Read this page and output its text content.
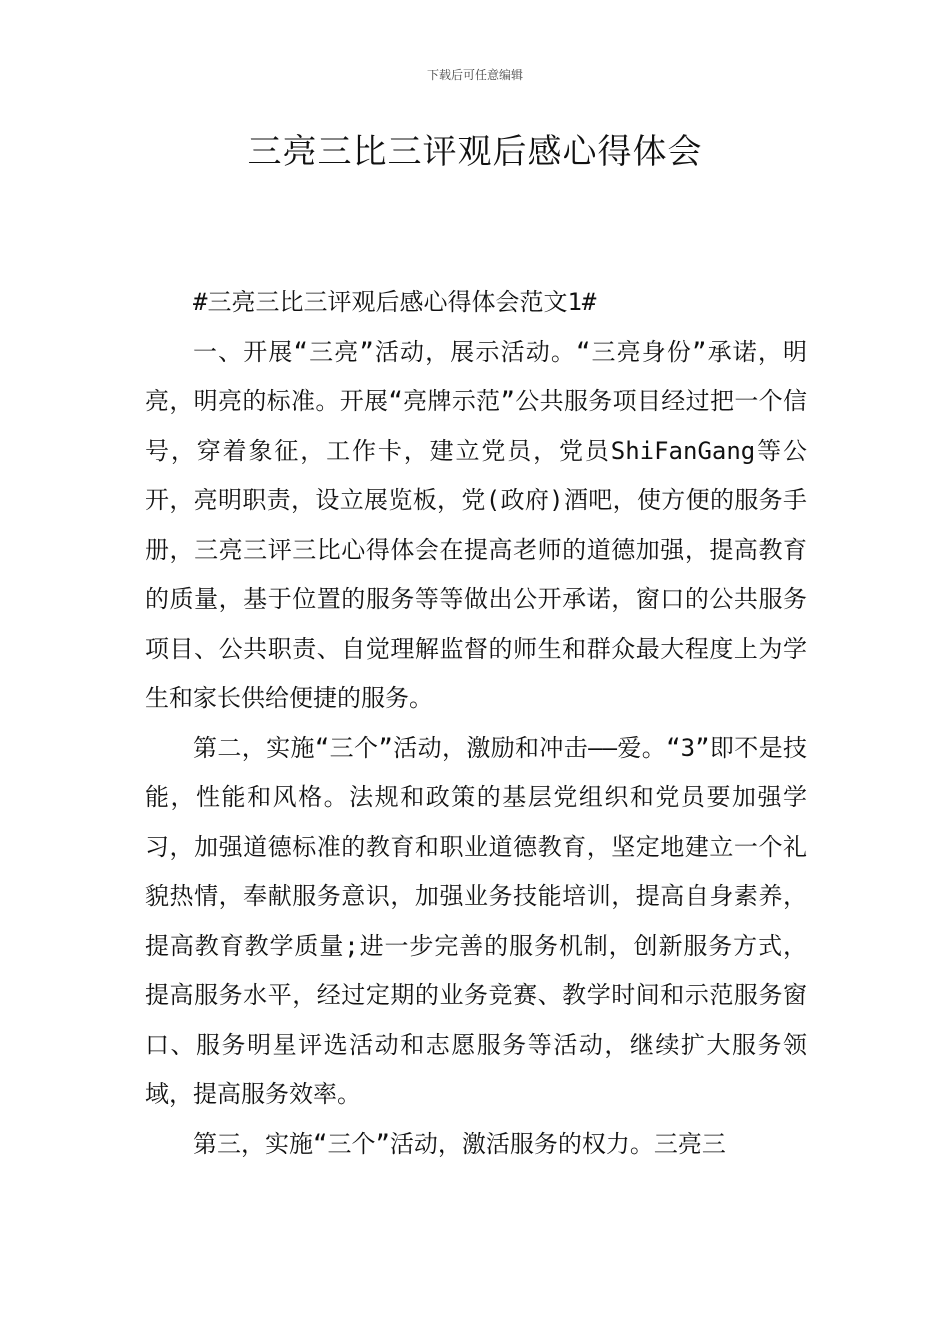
下载后可任意编辑
三亮三比三评观后感心得体会

#三亮三比三评观后感心得体会范文1#

一、开展“三亮”活动，展示活动。“三亮身份”承诺，明亮，明亮的标准。开展“亮牌示范”公共服务项目经过把一个信号，穿着象征，工作卡，建立党员，党员ShiFanGang等公开，亮明职责，设立展览板，党(政府)酒吧，使方便的服务手册，三亮三评三比心得体会在提高老师的道德加强，提高教育的质量，基于位置的服务等等做出公开承诺，窗口的公共服务项目、公共职责、自觉理解监督的师生和群众最大程度上为学生和家长供给便捷的服务。

第二，实施“三个”活动，激励和冲击——爱。“3”即不是技能，性能和风格。法规和政策的基层党组织和党员要加强学习，加强道德标准的教育和职业道德教育，坚定地建立一个礼貌热情，奉献服务意识，加强业务技能培训，提高自身素养，提高教育教学质量;进一步完善的服务机制，创新服务方式，提高服务水平，经过定期的业务竞赛、教学时间和示范服务窗口、服务明星评选活动和志愿服务等活动，继续扩大服务领域，提高服务效率。

第三，实施“三个”活动，激活服务的权力。三亮三
